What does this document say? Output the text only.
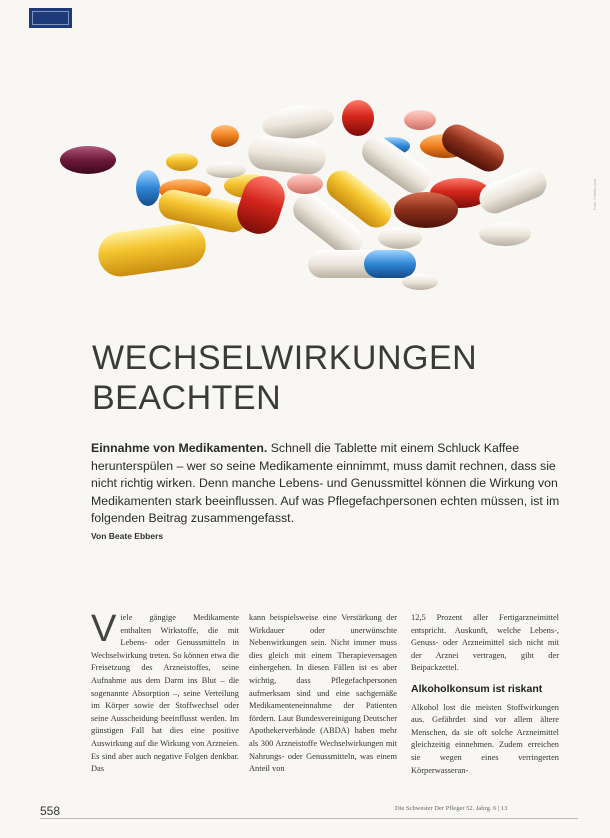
Foto: Fotolia.com
WECHSELWIRKUNGEN
BEACHTEN
Einnahme von Medikamenten. Schnell die Tablette mit einem Schluck Kaffee herunterspülen – wer so seine Medikamente einnimmt, muss damit rechnen, dass sie nicht richtig wirken. Denn manche Lebens- und Genussmittel können die Wirkung von Medikamenten stark beeinflussen. Auf was Pflegefachpersonen echten müssen, ist im folgenden Beitrag zusammengefasst.
Von Beate Ebbers
V iele gängige Medikamente enthalten Wirkstoffe, die mit Lebens- oder Genussmitteln in Wechselwirkung treten. So können etwa die Freisetzung des Arzneistoffes, seine Aufnahme aus dem Darm ins Blut – die sogenannte Absorption –, seine Verteilung im Körper sowie der Stoffwechsel oder seine Ausscheidung beeinflusst werden. Im günstigen Fall hat dies eine positive Auswirkung auf die Wirkung von Arzneien. Es sind aber auch negative Folgen denkbar. Das

kann beispielsweise eine Verstärkung der Wirkdauer oder unerwünschte Nebenwirkungen sein. Nicht immer muss dies gleich mit einem Therapieversagen einhergehen. In diesen Fällen ist es aber wichtig, dass Pflegefachpersonen aufmerksam sind und eine sachgemäße Medikamenteneinnahme der Patienten fördern. Laut Bundesvereinigung Deutscher Apothekerverbände (ABDA) haben mehr als 300 Arzneistoffe Wechselwirkungen mit Nahrungs- oder Genussmitteln, was einem Anteil von

12,5 Prozent aller Fertigarzneimittel entspricht. Auskunft, welche Lebens-, Genuss- oder Arzneimittel sich nicht mit der Arznei vertragen, gibt der Beipackzettel.

Alkoholkonsum ist riskant

Alkohol lost die meisten Stoffwirkungen aus. Gefährdet sind vor allem ältere Menschen, da sie oft solche Arzneimittel gleichzeitig einnehmen. Zudem erreichen sie wegen eines verringerten Körperwasseran-

558	Die Schwester Der Pfleger 52. Jahrg. 6 | 13
